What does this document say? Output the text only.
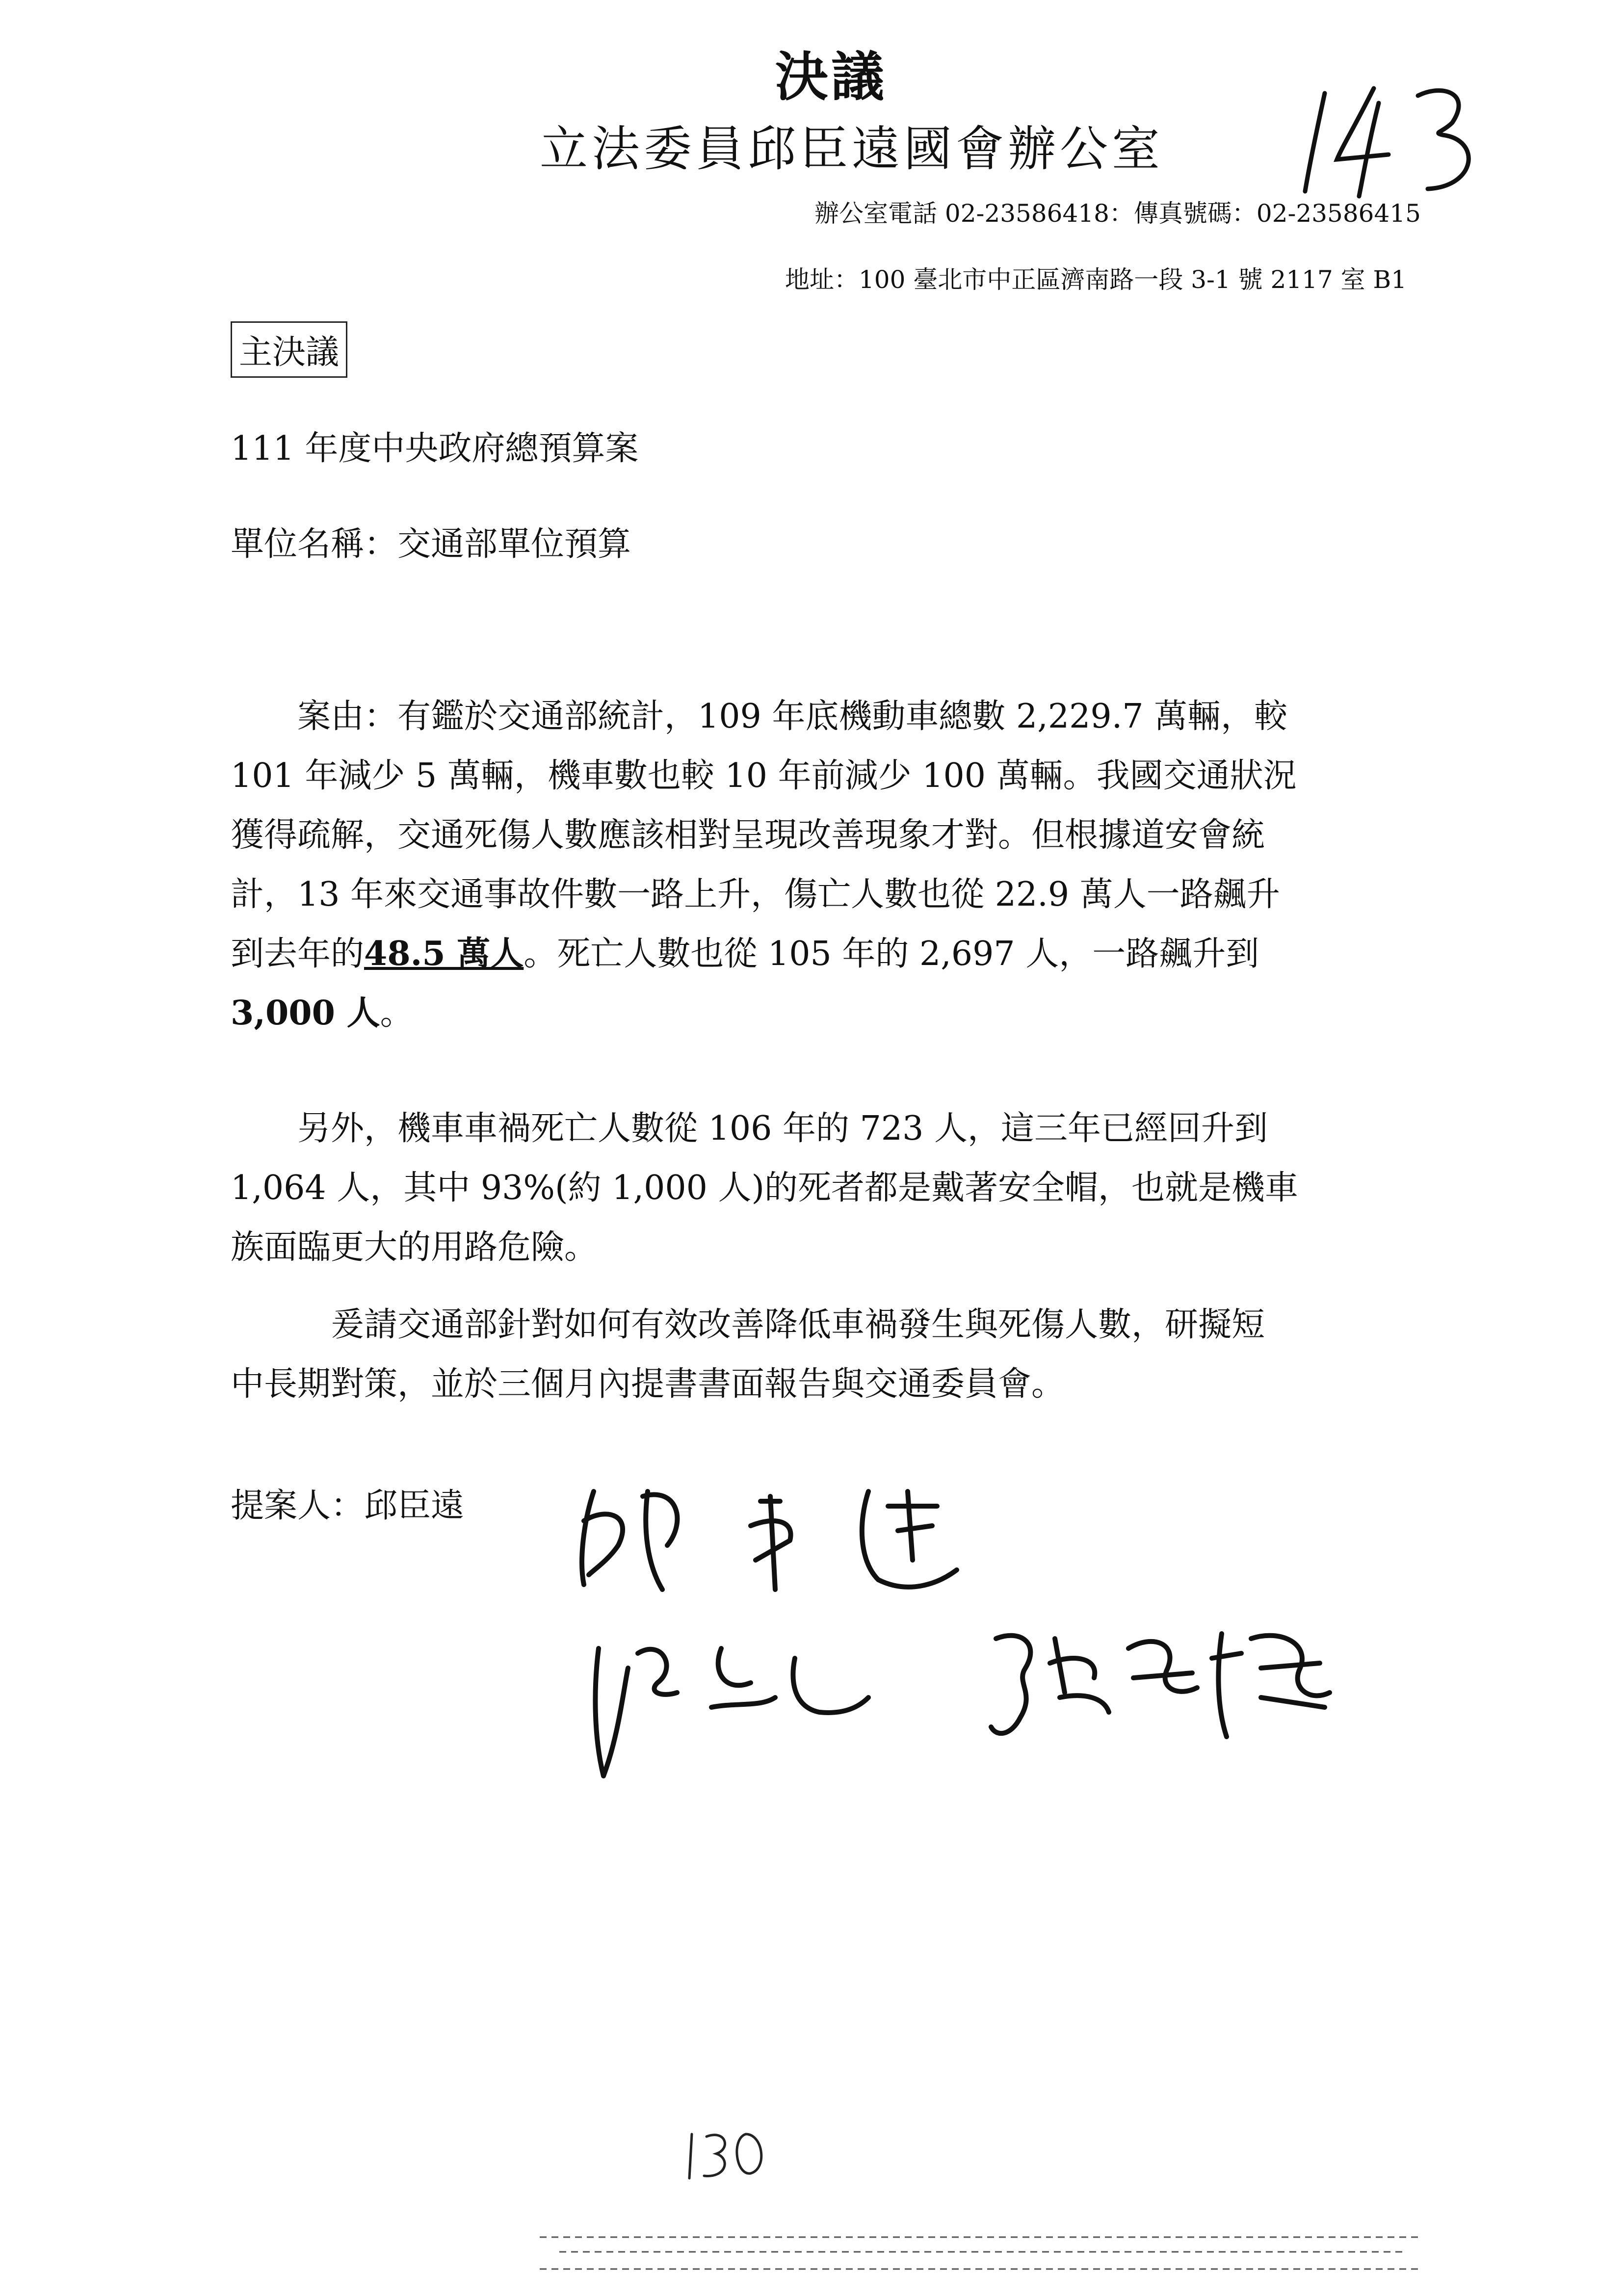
決議
立法委員邱臣遠國會辦公室
辦公室電話 02-23586418：傳真號碼：02-23586415
地址：100 臺北市中正區濟南路一段 3-1 號 2117 室 B1
主決議
111 年度中央政府總預算案
單位名稱：交通部單位預算

案由：有鑑於交通部統計，109 年底機動車總數 2,229.7 萬輛，較

101 年減少 5 萬輛，機車數也較 10 年前減少 100 萬輛。我國交通狀況

獲得疏解，交通死傷人數應該相對呈現改善現象才對。但根據道安會統

計，13 年來交通事故件數一路上升，傷亡人數也從 22.9 萬人一路飆升

到去年的48.5 萬人。死亡人數也從 105 年的 2,697 人，一路飆升到

3,000 人。

另外，機車車禍死亡人數從 106 年的 723 人，這三年已經回升到

1,064 人，其中 93%(約 1,000 人)的死者都是戴著安全帽，也就是機車

族面臨更大的用路危險。

爰請交通部針對如何有效改善降低車禍發生與死傷人數，研擬短

中長期對策，並於三個月內提書書面報告與交通委員會。

提案人：邱臣遠
